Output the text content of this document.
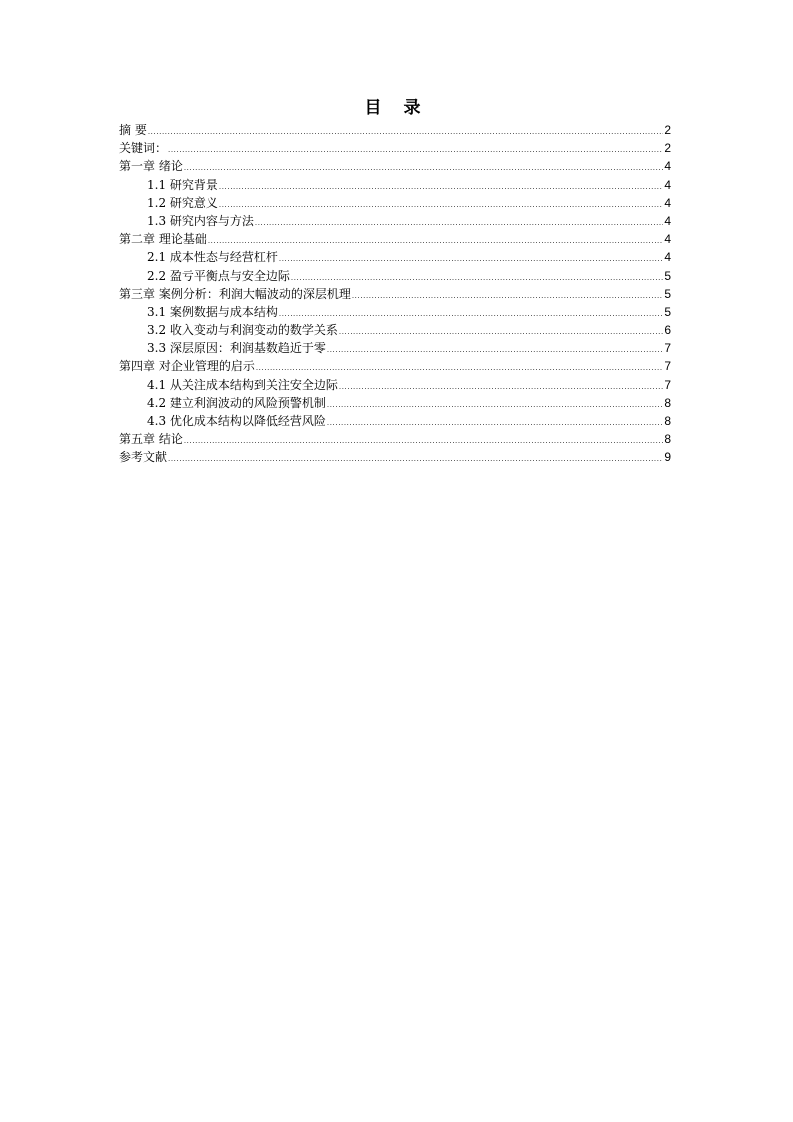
目 录
摘 要 .....	2
关键词： .....	2
第一章 绪论 .....	4
1.1 研究背景 .....	4
1.2 研究意义 .....	4
1.3 研究内容与方法 .....	4
第二章 理论基础 .....	4
2.1 成本性态与经营杠杆 .....	4
2.2 盈亏平衡点与安全边际 .....	5
第三章 案例分析：利润大幅波动的深层机理 .....	5
3.1 案例数据与成本结构 .....	5
3.2 收入变动与利润变动的数学关系 .....	6
3.3 深层原因：利润基数趋近于零 .....	7
第四章 对企业管理的启示 .....	7
4.1 从关注成本结构到关注安全边际 .....	7
4.2 建立利润波动的风险预警机制 .....	8
4.3 优化成本结构以降低经营风险 .....	8
第五章 结论 .....	8
参考文献 .....	9
